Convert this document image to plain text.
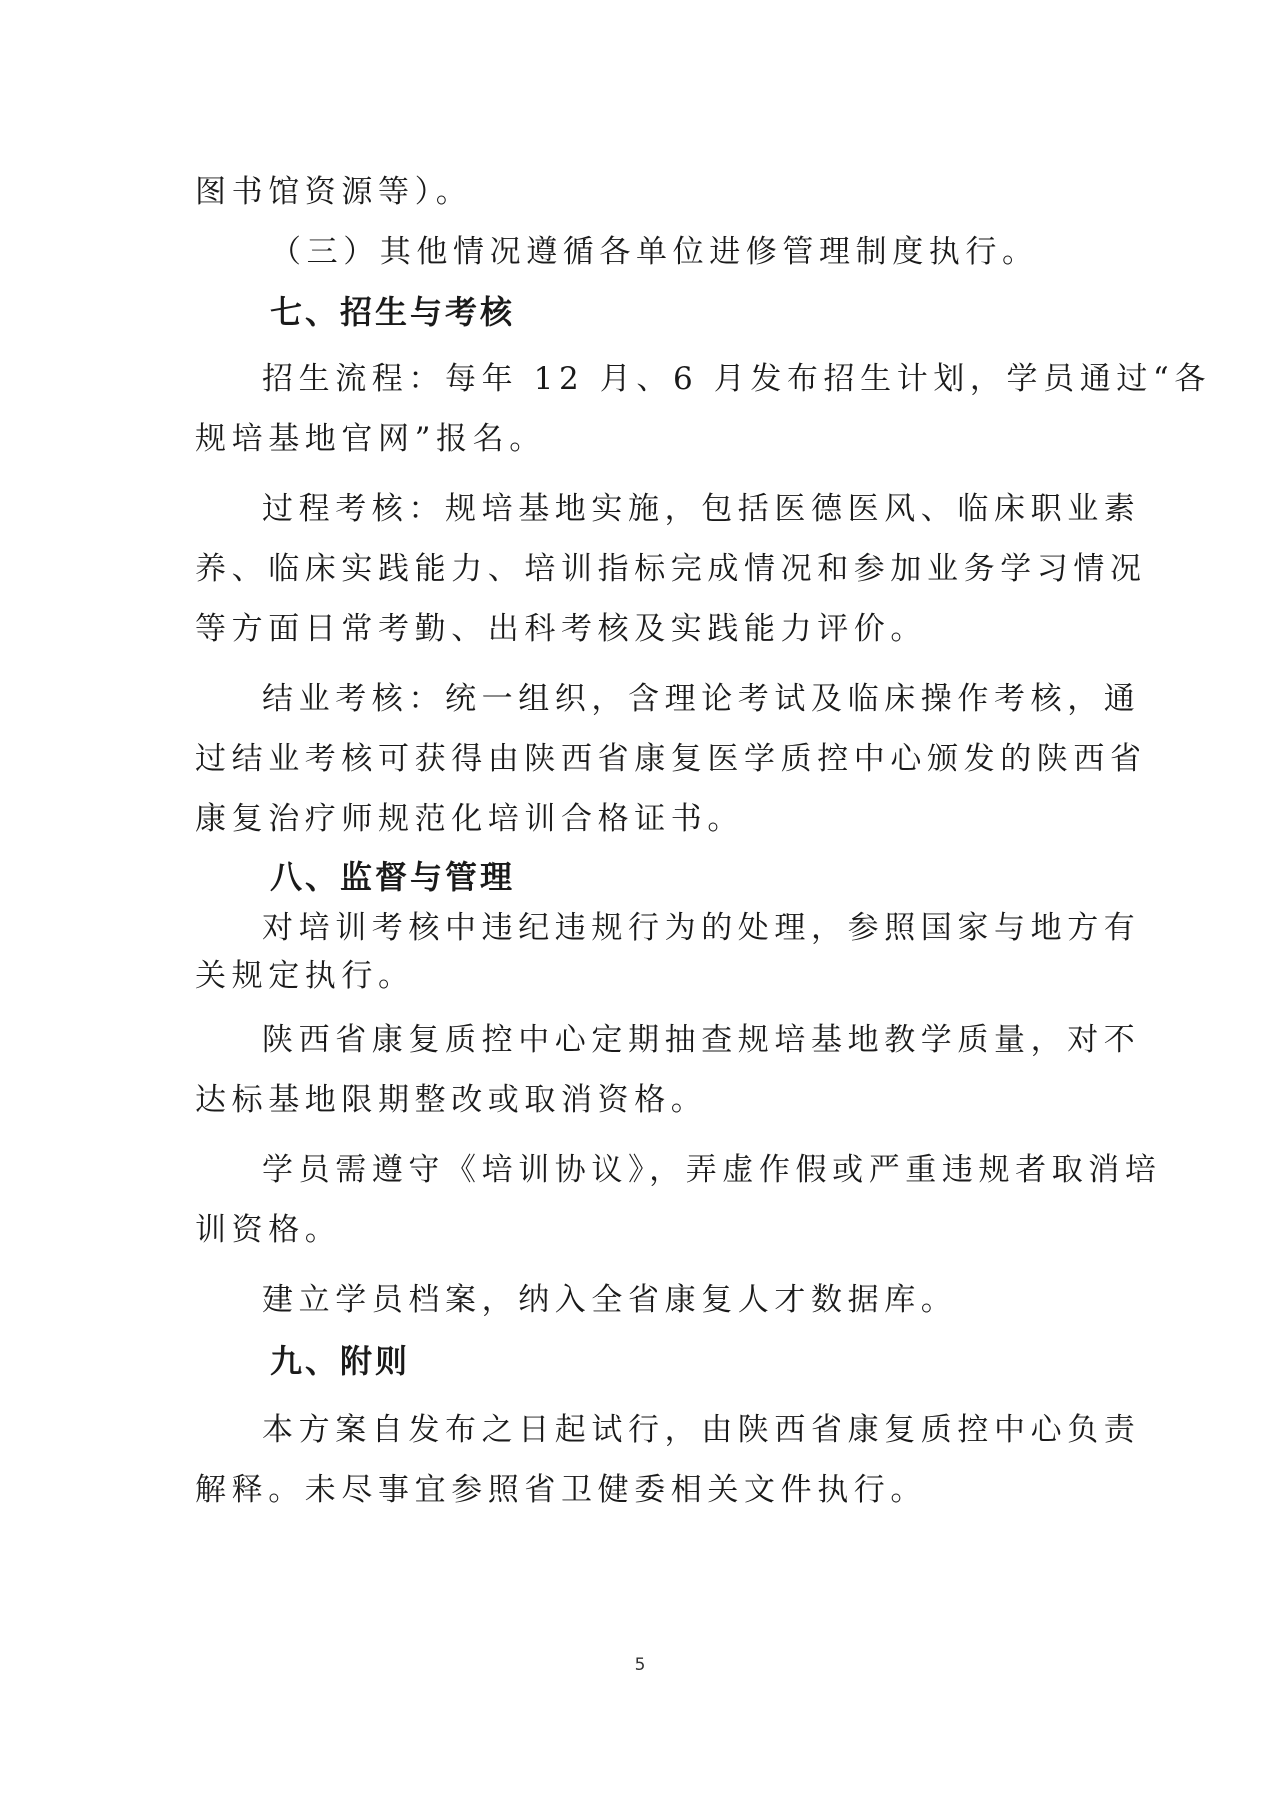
图书馆资源等）。
（三）其他情况遵循各单位进修管理制度执行。
七、招生与考核
招生流程：每年 12 月、6 月发布招生计划，学员通过“各
规培基地官网”报名。
过程考核：规培基地实施，包括医德医风、临床职业素
养、临床实践能力、培训指标完成情况和参加业务学习情况
等方面日常考勤、出科考核及实践能力评价。
结业考核：统一组织，含理论考试及临床操作考核，通
过结业考核可获得由陕西省康复医学质控中心颁发的陕西省
康复治疗师规范化培训合格证书。
八、监督与管理
对培训考核中违纪违规行为的处理，参照国家与地方有
关规定执行。
陕西省康复质控中心定期抽查规培基地教学质量，对不
达标基地限期整改或取消资格。
学员需遵守《培训协议》，弄虚作假或严重违规者取消培
训资格。
建立学员档案，纳入全省康复人才数据库。
九、附则
本方案自发布之日起试行，由陕西省康复质控中心负责
解释。未尽事宜参照省卫健委相关文件执行。
5
